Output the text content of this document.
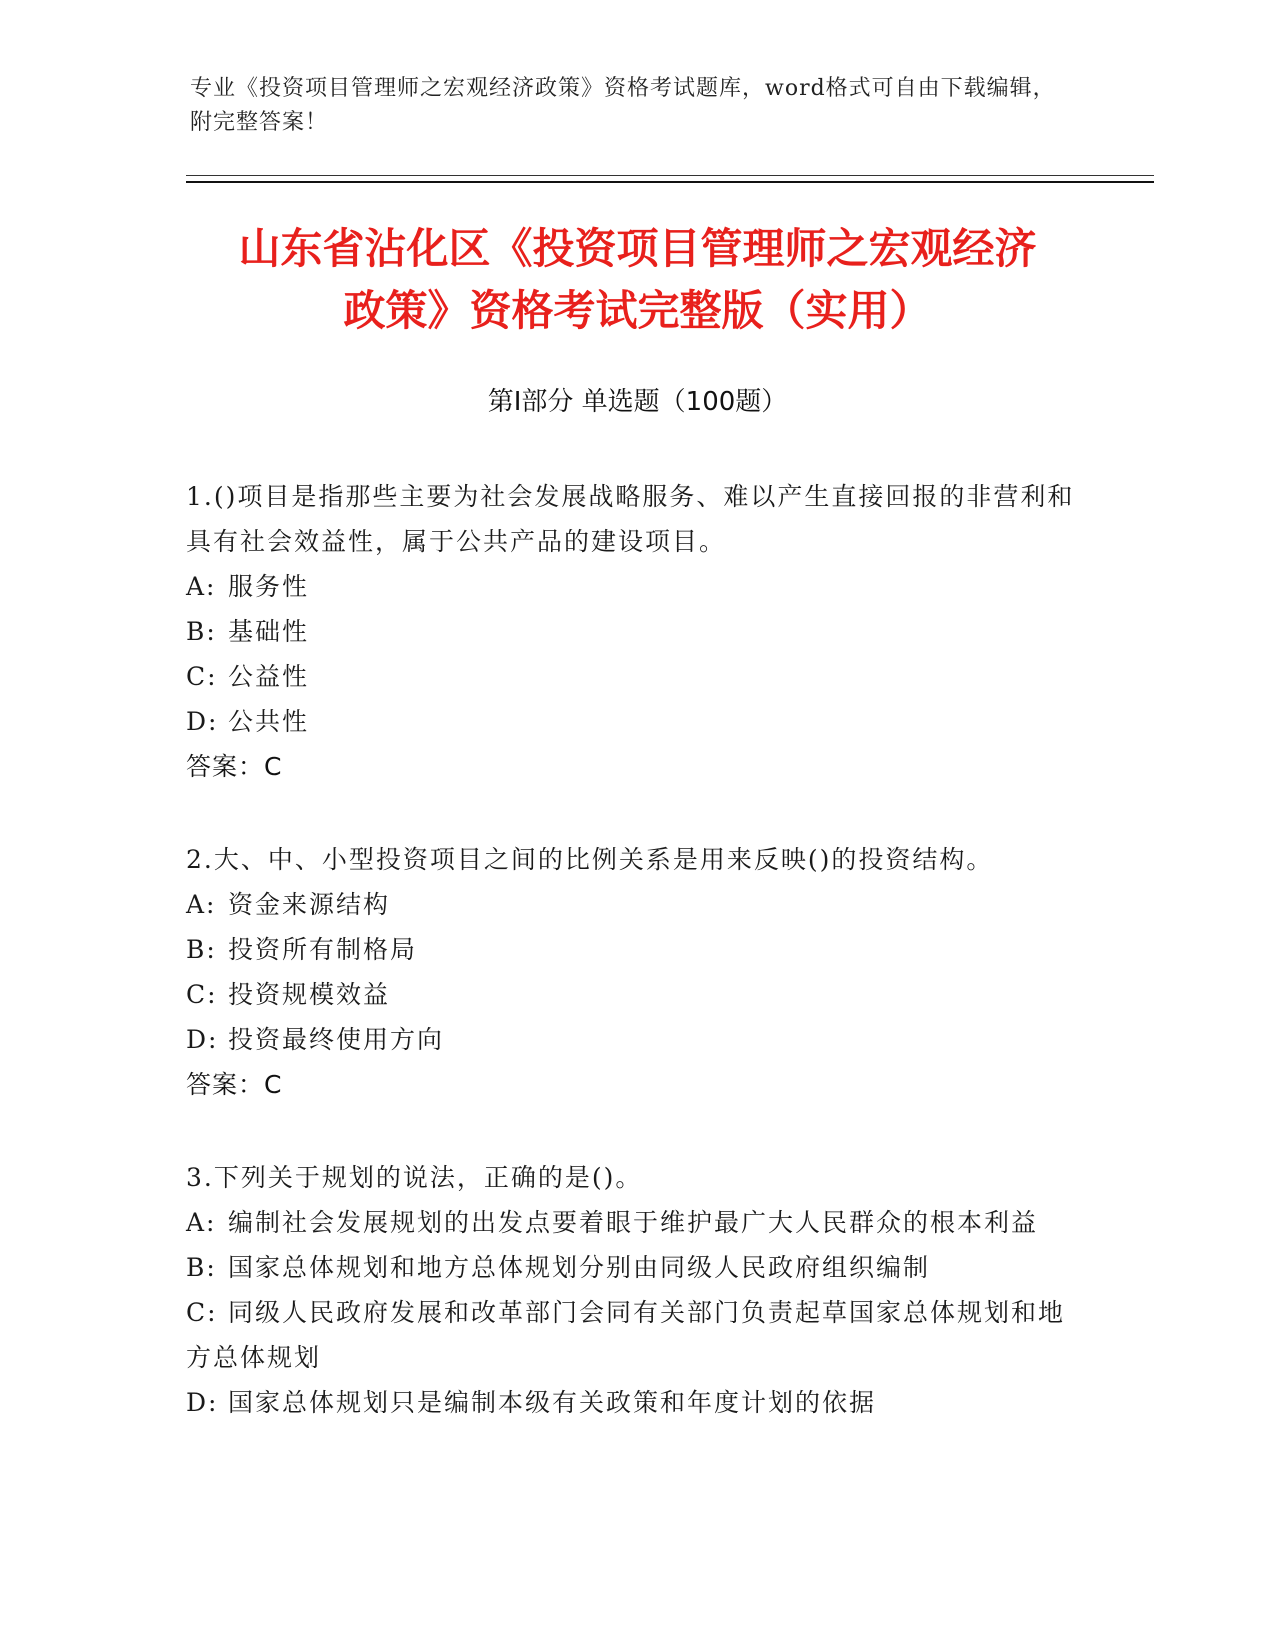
专业《投资项目管理师之宏观经济政策》资格考试题库，word格式可自由下载编辑，附完整答案！
山东省沾化区《投资项目管理师之宏观经济
政策》资格考试完整版（实用）
第Ⅰ部分 单选题（100题）
1.()项目是指那些主要为社会发展战略服务、难以产生直接回报的非营利和具有社会效益性，属于公共产品的建设项目。
A: 服务性
B: 基础性
C: 公益性
D: 公共性
答案：C
2.大、中、小型投资项目之间的比例关系是用来反映()的投资结构。
A: 资金来源结构
B: 投资所有制格局
C: 投资规模效益
D: 投资最终使用方向
答案：C
3.下列关于规划的说法，正确的是()。
A: 编制社会发展规划的出发点要着眼于维护最广大人民群众的根本利益
B: 国家总体规划和地方总体规划分别由同级人民政府组织编制
C: 同级人民政府发展和改革部门会同有关部门负责起草国家总体规划和地方总体规划
D: 国家总体规划只是编制本级有关政策和年度计划的依据
